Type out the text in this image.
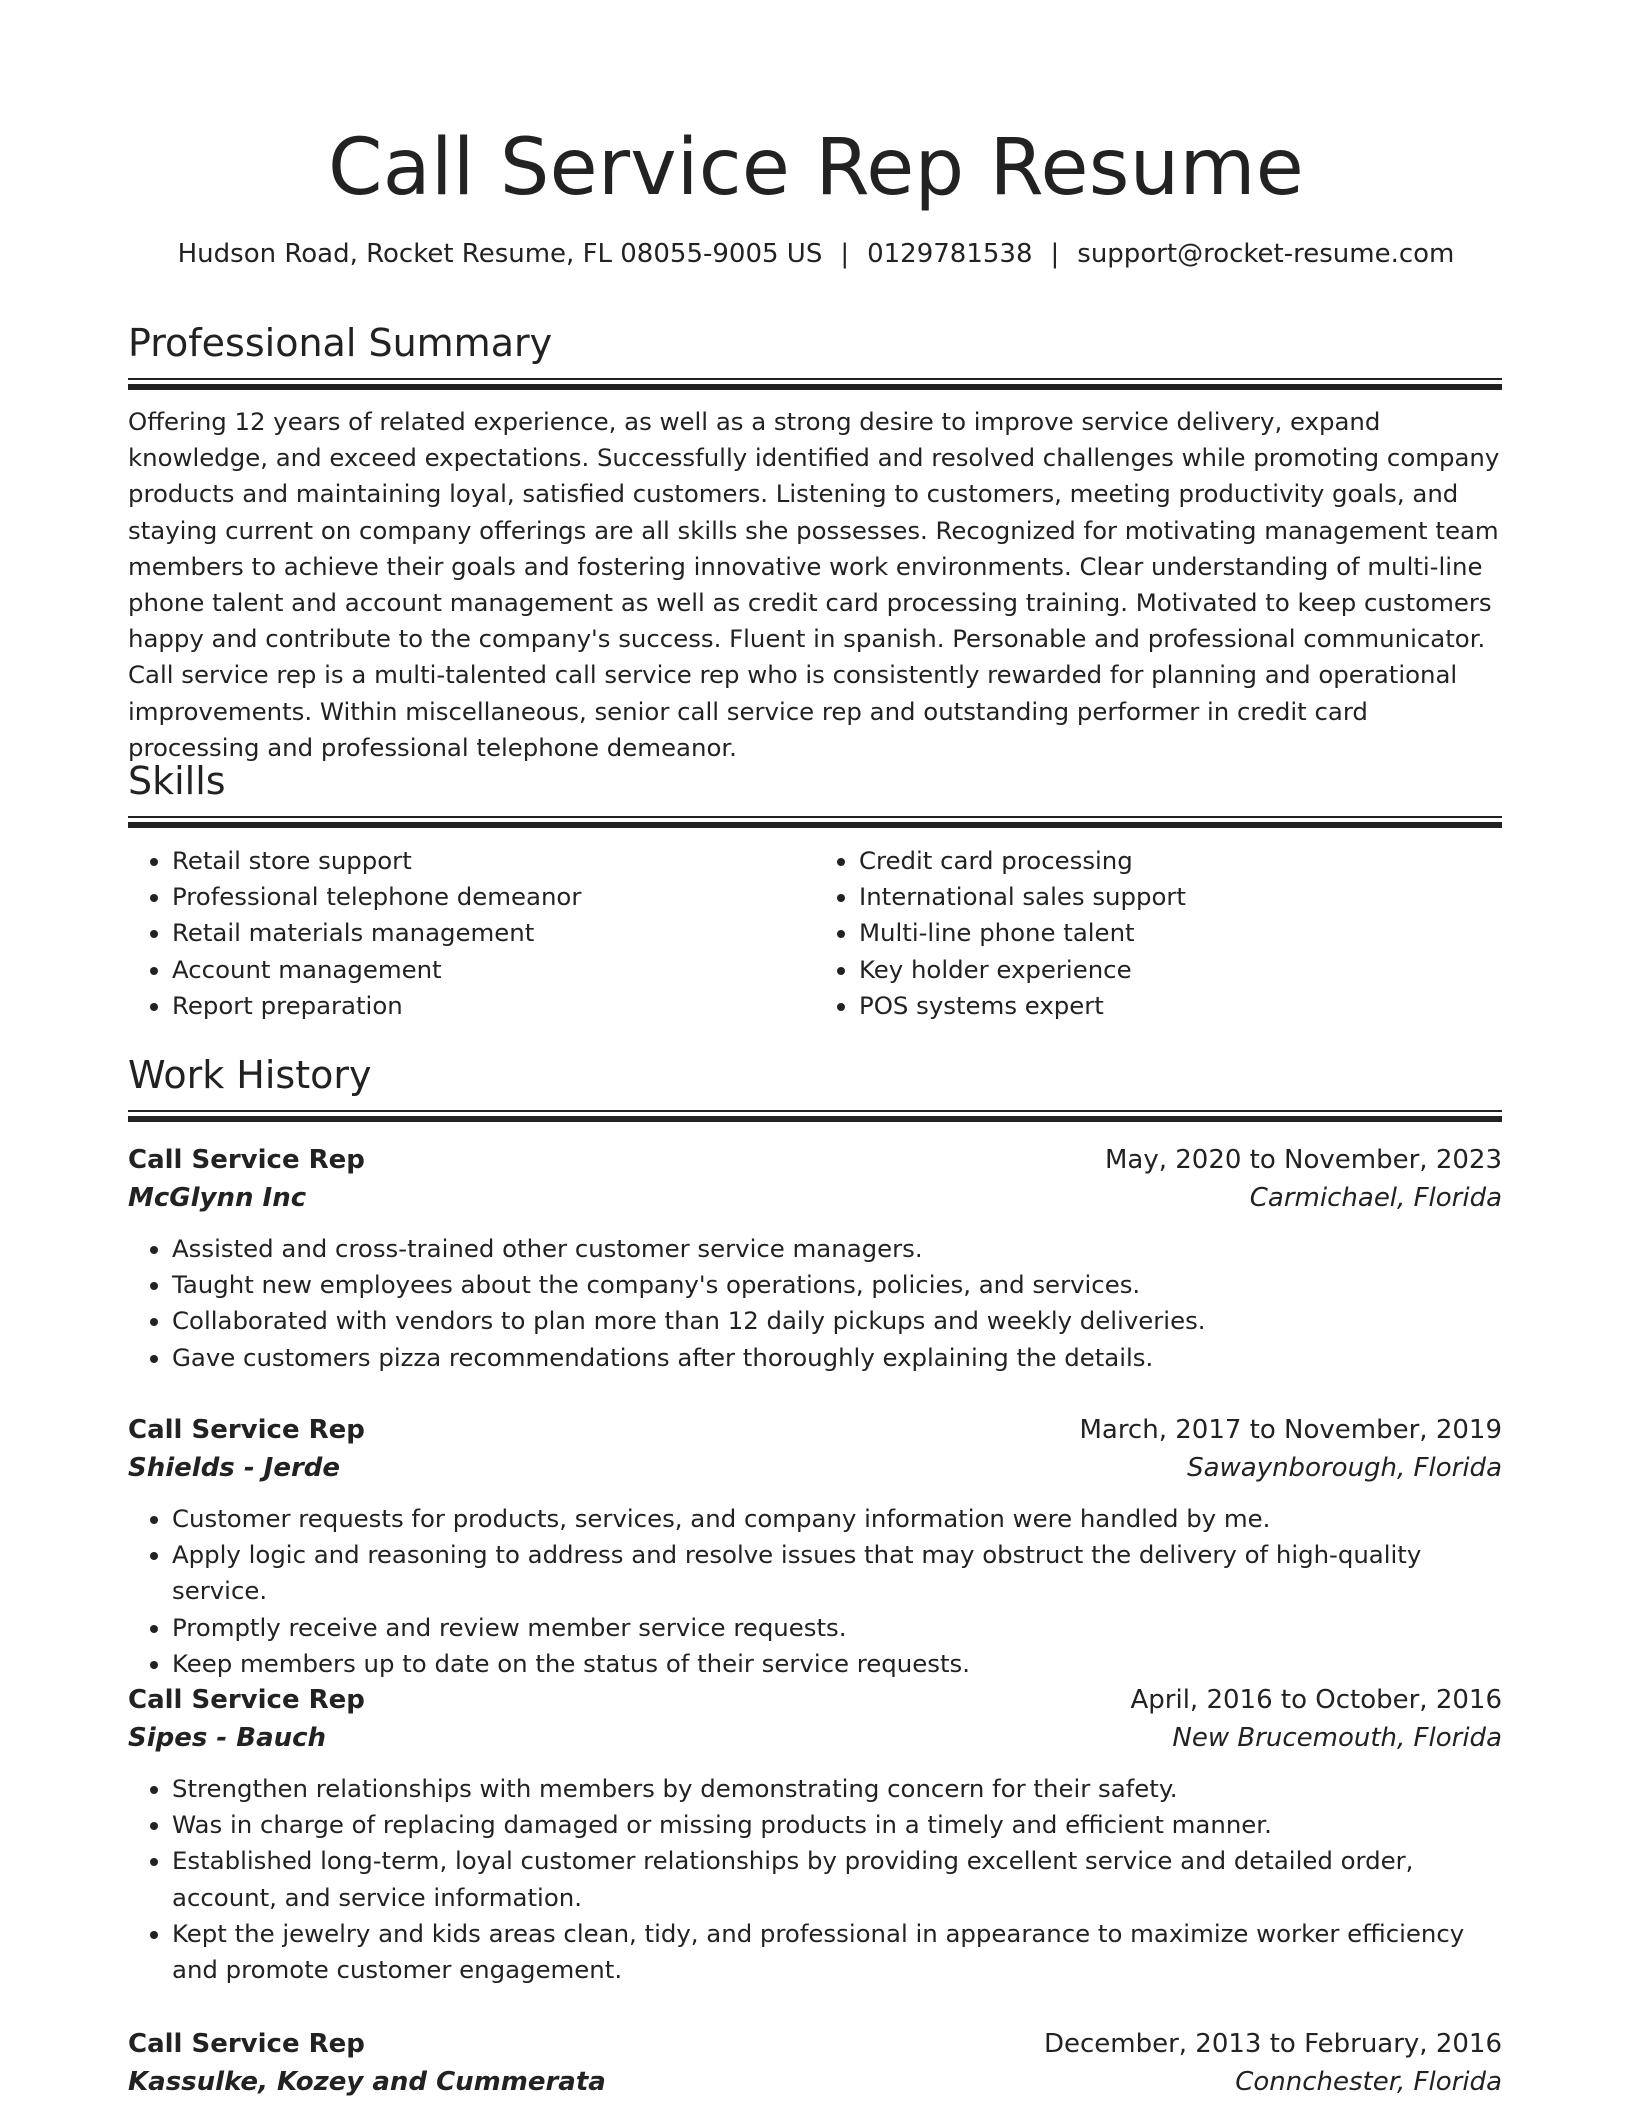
Call Service Rep Resume
Hudson Road, Rocket Resume, FL 08055-9005 US | 0129781538 | support@rocket-resume.com
Professional Summary

Offering 12 years of related experience, as well as a strong desire to improve service delivery, expand knowledge, and exceed expectations. Successfully identified and resolved challenges while promoting company products and maintaining loyal, satisfied customers. Listening to customers, meeting productivity goals, and staying current on company offerings are all skills she possesses. Recognized for motivating management team members to achieve their goals and fostering innovative work environments. Clear understanding of multi-line phone talent and account management as well as credit card processing training. Motivated to keep customers happy and contribute to the company's success. Fluent in spanish. Personable and professional communicator. Call service rep is a multi-talented call service rep who is consistently rewarded for planning and operational improvements. Within miscellaneous, senior call service rep and outstanding performer in credit card processing and professional telephone demeanor.

Skills
• Retail store support
• Professional telephone demeanor
• Retail materials management
• Account management
• Report preparation
• Credit card processing
• International sales support
• Multi-line phone talent
• Key holder experience
• POS systems expert
Work History
Call Service Rep	May, 2020 to November, 2023
McGlynn Inc	Carmichael, Florida
• Assisted and cross-trained other customer service managers.
• Taught new employees about the company's operations, policies, and services.
• Collaborated with vendors to plan more than 12 daily pickups and weekly deliveries.
• Gave customers pizza recommendations after thoroughly explaining the details.
Call Service Rep	March, 2017 to November, 2019
Shields - Jerde	Sawaynborough, Florida
• Customer requests for products, services, and company information were handled by me.
• Apply logic and reasoning to address and resolve issues that may obstruct the delivery of high-quality service.
• Promptly receive and review member service requests.
• Keep members up to date on the status of their service requests.
Call Service Rep	April, 2016 to October, 2016
Sipes - Bauch	New Brucemouth, Florida
• Strengthen relationships with members by demonstrating concern for their safety.
• Was in charge of replacing damaged or missing products in a timely and efficient manner.
• Established long-term, loyal customer relationships by providing excellent service and detailed order, account, and service information.
• Kept the jewelry and kids areas clean, tidy, and professional in appearance to maximize worker efficiency and promote customer engagement.
Call Service Rep	December, 2013 to February, 2016
Kassulke, Kozey and Cummerata	Connchester, Florida
